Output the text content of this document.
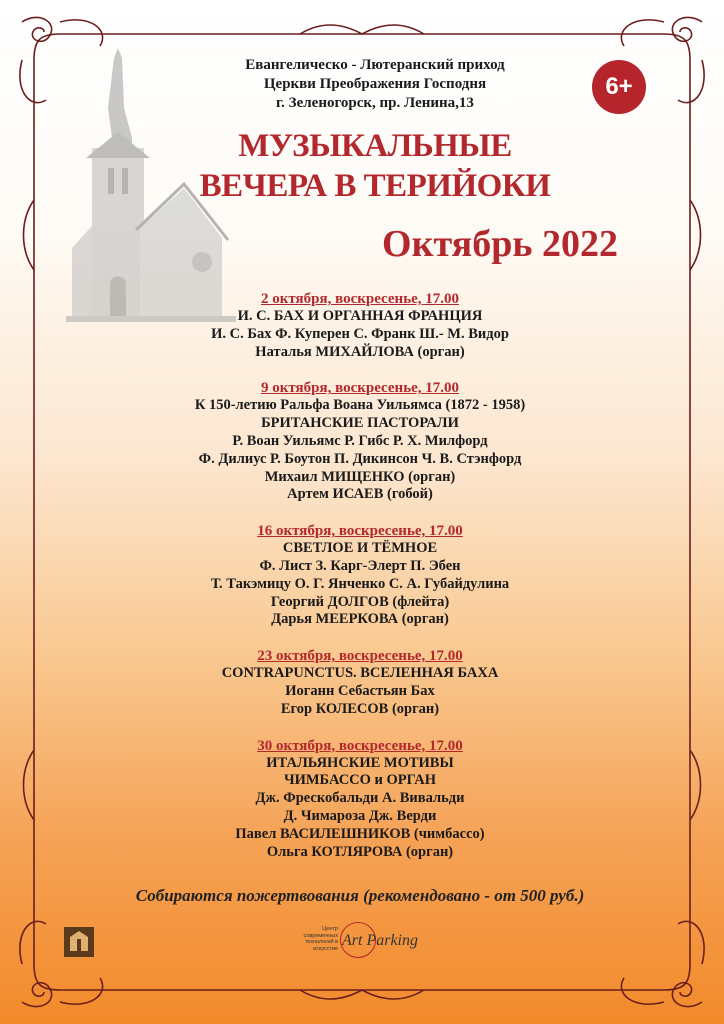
Евангелическо - Лютеранский приход
Церкви Преображения Господня
г. Зеленогорск, пр. Ленина,13
6+
МУЗЫКАЛЬНЫЕ
ВЕЧЕРА В ТЕРИЙОКИ
Октябрь 2022
2 октября, воскресенье, 17.00
И. С. БАХ И ОРГАННАЯ ФРАНЦИЯ
И. С. Бах Ф. Куперен С. Франк Ш.- М. Видор
Наталья МИХАЙЛОВА (орган)
9 октября, воскресенье, 17.00
К 150-летию Ральфа Воана Уильямса (1872 - 1958)
БРИТАНСКИЕ ПАСТОРАЛИ
Р. Воан Уильямс Р. Гибс Р. Х. Милфорд
Ф. Дилиус Р. Боутон П. Дикинсон Ч. В. Стэнфорд
Михаил МИЩЕНКО (орган)
Артем ИСАЕВ (гобой)
16 октября, воскресенье, 17.00
СВЕТЛОЕ И ТЁМНОЕ
Ф. Лист З. Карг-Элерт П. Эбен
Т. Такэмицу О. Г. Янченко С. А. Губайдулина
Георгий ДОЛГОВ (флейта)
Дарья МЕЕРКОВА (орган)
23 октября, воскресенье, 17.00
CONTRAPUNCTUS. ВСЕЛЕННАЯ БАХА
Иоганн Себастьян Бах
Егор КОЛЕСОВ (орган)
30 октября, воскресенье, 17.00
ИТАЛЬЯНСКИЕ МОТИВЫ
ЧИМБАССО и ОРГАН
Дж. Фрескобальди А. Вивальди
Д. Чимароза Дж. Верди
Павел ВАСИЛЕШНИКОВ (чимбассо)
Ольга КОТЛЯРОВА (орган)
Собираются пожертвования (рекомендовано - от 500 руб.)
Центр современных технологий в искусстве Art Parking
